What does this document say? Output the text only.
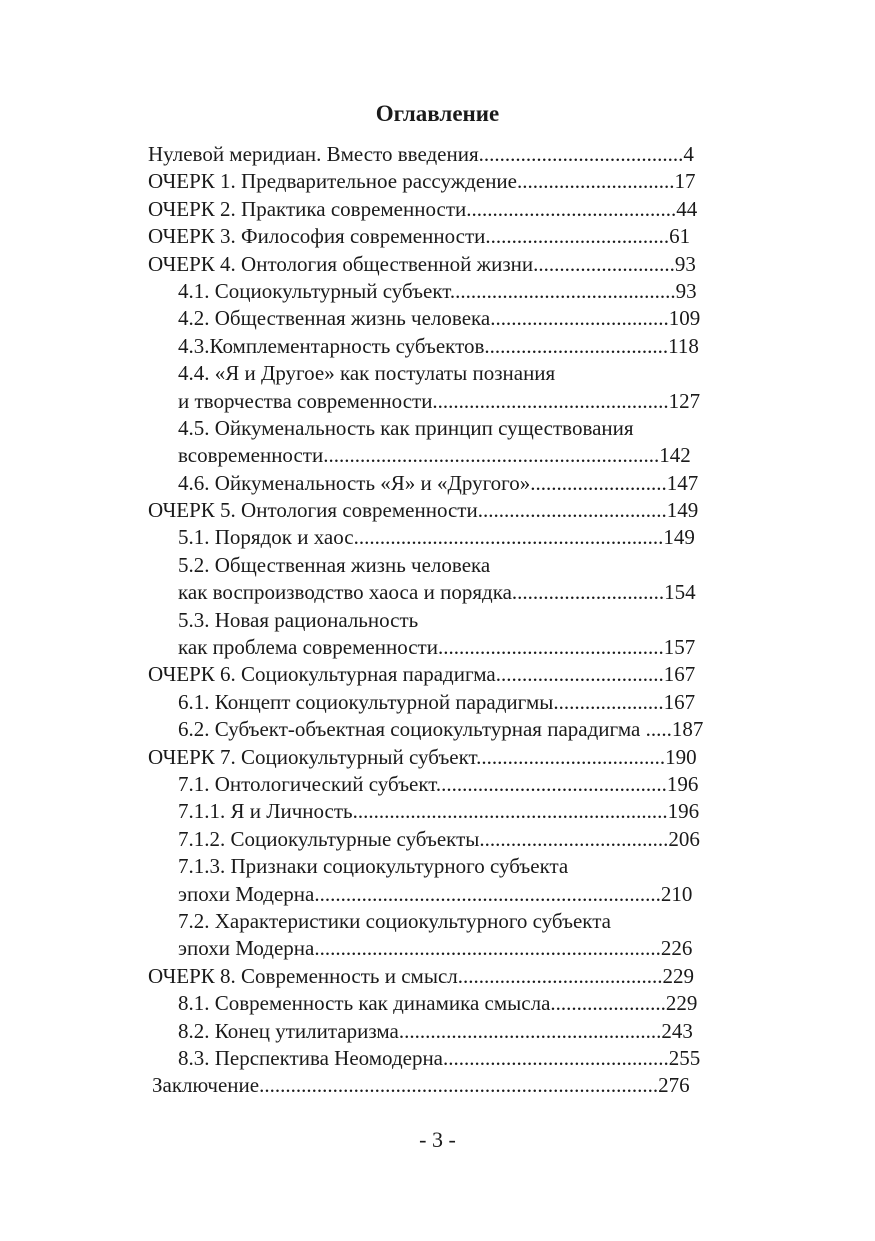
Оглавление
Нулевой меридиан. Вместо введения.......................................4
ОЧЕРК 1. Предварительное рассуждение..............................17
ОЧЕРК 2. Практика современности........................................44
ОЧЕРК 3. Философия современности...................................61
ОЧЕРК 4. Онтология общественной жизни...........................93
4.1. Социокультурный субъект...........................................93
4.2. Общественная жизнь человека..................................109
4.3.Комплементарность субъектов...................................118
4.4. «Я и Другое» как постулаты познания
и творчества современности.............................................127
4.5. Ойкуменальность как принцип существования
всовременности................................................................142
4.6. Ойкуменальность «Я» и «Другого»..........................147
ОЧЕРК 5. Онтология современности....................................149
5.1. Порядок и хаос...........................................................149
5.2. Общественная жизнь человека
как воспроизводство хаоса и порядка.............................154
5.3. Новая рациональность
как проблема современности...........................................157
ОЧЕРК 6. Социокультурная парадигма................................167
6.1. Концепт социокультурной парадигмы.....................167
6.2. Субъект-объектная социокультурная парадигма .....187
ОЧЕРК 7. Социокультурный субъект....................................190
7.1. Онтологический субъект............................................196
7.1.1. Я и Личность............................................................196
7.1.2. Социокультурные субъекты....................................206
7.1.3. Признаки социокультурного субъекта
эпохи Модерна..................................................................210
7.2. Характеристики социокультурного субъекта
эпохи Модерна..................................................................226
ОЧЕРК 8. Современность и смысл.......................................229
8.1. Современность как динамика смысла......................229
8.2. Конец утилитаризма..................................................243
8.3. Перспектива Неомодерна...........................................255
Заключение............................................................................276
- 3 -
